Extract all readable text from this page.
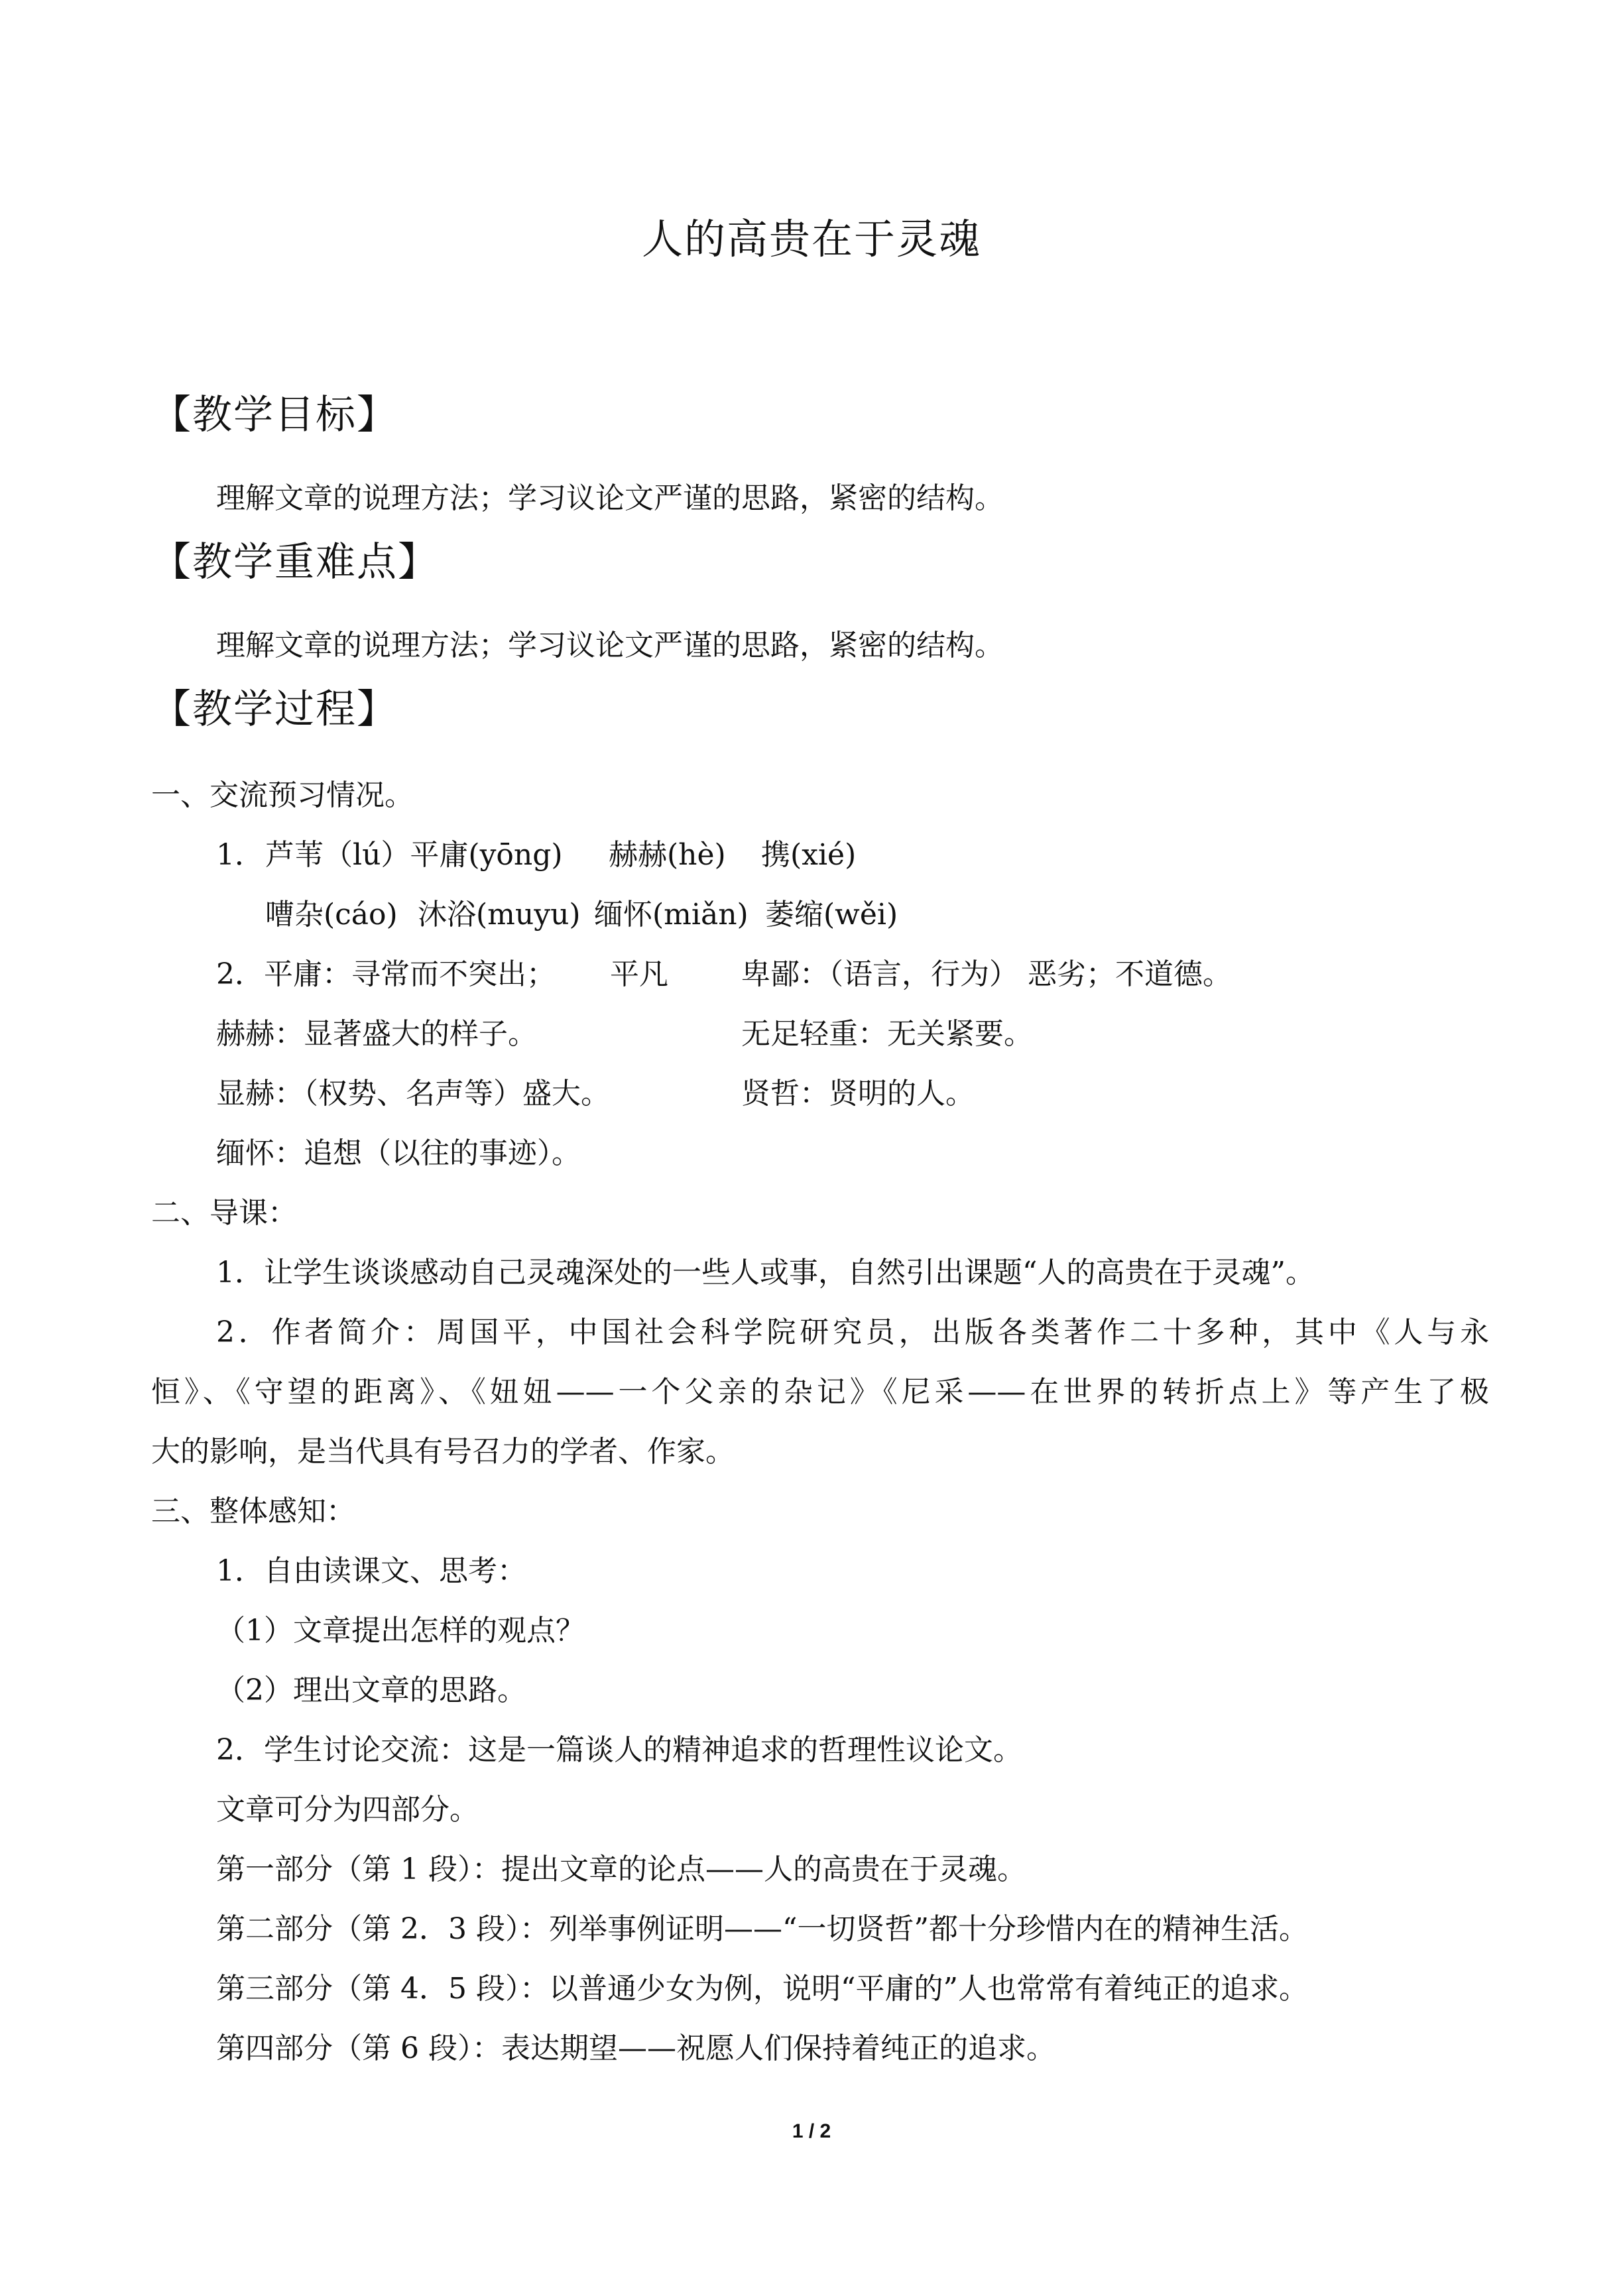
人的高贵在于灵魂
【教学目标】
理解文章的说理方法；学习议论文严谨的思路，紧密的结构。
【教学重难点】
理解文章的说理方法；学习议论文严谨的思路，紧密的结构。
【教学过程】
一、交流预习情况。
1． 芦苇（lú）平庸(yōng) 赫赫(hè) 携(xié)
嘈杂(cáo) 沐浴(muyu) 缅怀(miǎn) 萎缩(wěi)
2．平庸：寻常而不突出； 平凡	卑鄙：（语言，行为） 恶劣；不道德。
赫赫：显著盛大的样子。	无足轻重：无关紧要。
显赫：（权势、名声等）盛大。	贤哲：贤明的人。
缅怀：追想（以往的事迹）。
二、导课：
1．让学生谈谈感动自己灵魂深处的一些人或事，自然引出课题“人的高贵在于灵魂”。
2．作者简介：周国平，中国社会科学院研究员，出版各类著作二十多种，其中《人与永
恒》、《守望的距离》、《妞妞——一个父亲的杂记》《尼采——在世界的转折点上》等产生了极
大的影响，是当代具有号召力的学者、作家。
三、整体感知：
1．自由读课文、思考：
（1）文章提出怎样的观点？
（2）理出文章的思路。
2．学生讨论交流：这是一篇谈人的精神追求的哲理性议论文。
文章可分为四部分。
第一部分（第 1 段）：提出文章的论点——人的高贵在于灵魂。
第二部分（第 2．3 段）：列举事例证明——“一切贤哲”都十分珍惜内在的精神生活。
第三部分（第 4．5 段）：以普通少女为例，说明“平庸的”人也常常有着纯正的追求。
第四部分（第 6 段）：表达期望——祝愿人们保持着纯正的追求。
1 / 2
